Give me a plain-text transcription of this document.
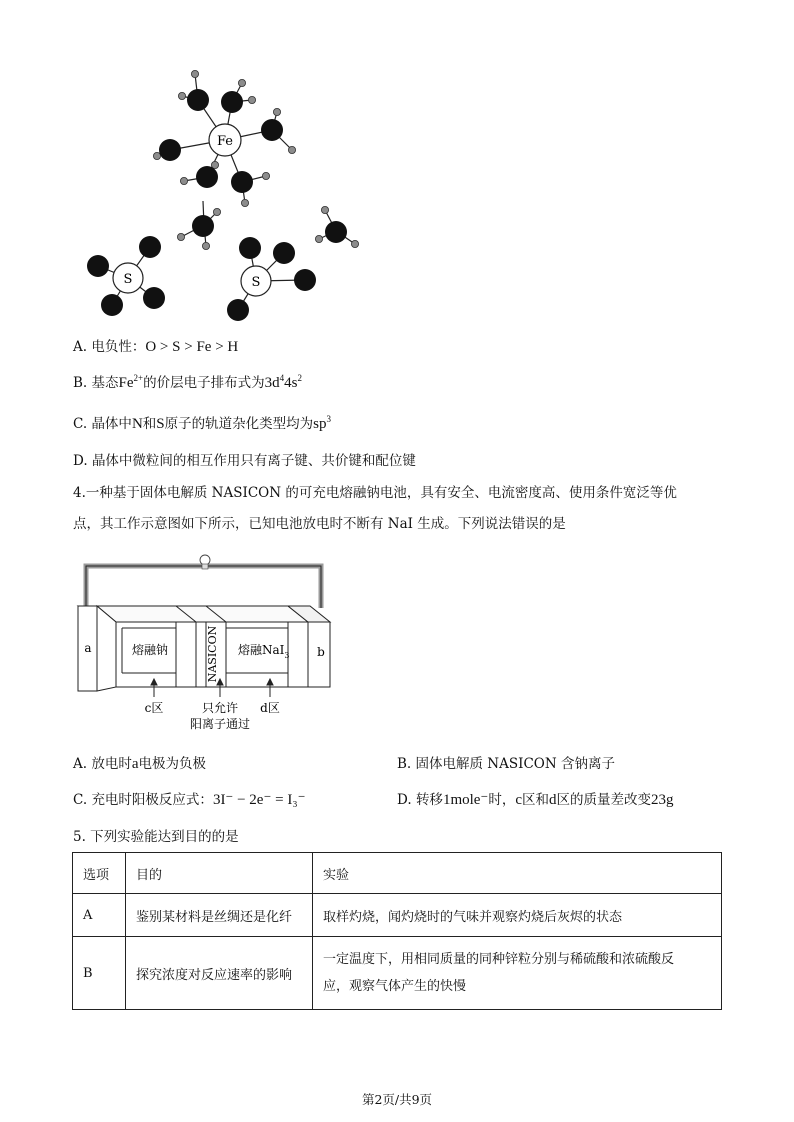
Fe
S	S
A. 电负性：O > S > Fe > H
B. 基态$Fe^{2+}$的价层电子排布式为$3d^44s^2$
C. 晶体中N和S原子的轨道杂化类型均为$sp^3$
D. 晶体中微粒间的相互作用只有离子键、共价键和配位键
4.一种基于固体电解质 NASICON 的可充电熔融钠电池，具有安全、电流密度高、使用条件宽泛等优
点，其工作示意图如下所示，已知电池放电时不断有 NaI 生成。下列说法错误的是
a	b
熔融钠	NASICON 熔融NaI$_3$
c区	只允许
阳离子通过
d区
A. 放电时a电极为负极	B. 固体电解质 NASICON 含钠离子
C. 充电时阳极反应式：3I⁻ − 2e⁻ = I₃⁻	D. 转移1mole⁻时，c区和d区的质量差改变23g
5. 下列实验能达到目的的是
选项	目的	实验
A	鉴别某材料是丝绸还是化纤	取样灼烧，闻灼烧时的气味并观察灼烧后灰烬的状态
B	探究浓度对反应速率的影响	一定温度下，用相同质量的同种锌粒分别与稀硫酸和浓硫酸反
应，观察气体产生的快慢
第2页/共9页
